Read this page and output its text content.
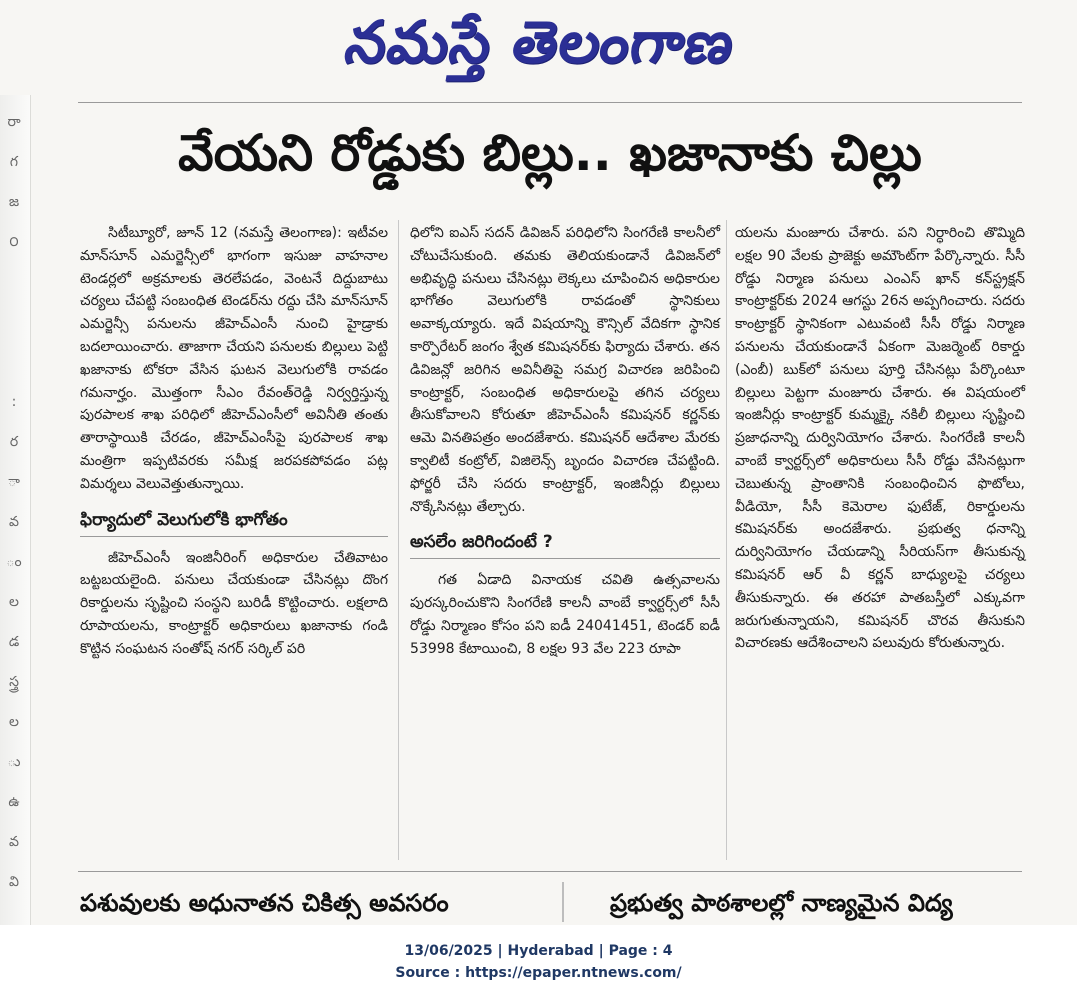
రా
గ
జ
౦
:
ర
ా
వ
ం
ల
డ
స్త్ర
ల
ు
ఉ
వ
వి
నమస్తే తెలంగాణ
వేయని రోడ్డుకు బిల్లు.. ఖజానాకు చిల్లు

సిటీబ్యూరో, జూన్ 12 (నమస్తే తెలంగాణ): ఇటీవల మాన్‌సూన్ ఎమర్జెన్సీలో భాగంగా ఇసుజు వాహనాల టెండర్లలో అక్రమాలకు తెరలేపడం, వెంటనే దిద్దుబాటు చర్యలు చేపట్టి సంబంధిత టెండర్‌ను రద్దు చేసి మాన్‌సూన్ ఎమర్జెన్సీ పనులను జీహెచ్ఎంసీ నుంచి హైడ్రాకు బదలాయించారు. తాజాగా చేయని పనులకు బిల్లులు పెట్టి ఖజానాకు టోకరా వేసిన ఘటన వెలుగులోకి రావడం గమనార్హం. మొత్తంగా సీఎం రేవంత్‌రెడ్డి నిర్వర్తిస్తున్న పురపాలక శాఖ పరిధిలో జీహెచ్ఎంసీలో అవినీతి తంతు తారాస్థాయికి చేరడం, జీహెచ్ఎంసీపై పురపాలక శాఖ మంత్రిగా ఇప్పటివరకు సమీక్ష జరపకపోవడం పట్ల విమర్శలు వెలువెత్తుతున్నాయి.

ఫిర్యాదులో వెలుగులోకి భాగోతం

జీహెచ్ఎంసీ ఇంజినీరింగ్ అధికారుల చేతివాటం బట్టబయలైంది. పనులు చేయకుండా చేసినట్లు దొంగ రికార్డులను సృష్టించి సంస్థని బురిడీ కొట్టించారు. లక్షలాది రూపాయలను, కాంట్రాక్టర్ అధికారులు ఖజానాకు గండి కొట్టిన సంఘటన సంతోష్ నగర్ సర్కిల్ పరి

ధిలోని ఐఎస్ సదన్ డివిజన్ పరిధిలోని సింగరేణి కాలనీలో చోటుచేసుకుంది. తమకు తెలియకుండానే డివిజన్‌లో అభివృద్ధి పనులు చేసినట్లు లెక్కలు చూపించిన అధికారుల భాగోతం వెలుగులోకి రావడంతో స్థానికులు అవాక్కయ్యారు. ఇదే విషయాన్ని కౌన్సిల్ వేదికగా స్థానిక కార్పొరేటర్ జంగం శ్వేత కమిషనర్‌కు ఫిర్యాదు చేశారు. తన డివిజన్లో జరిగిన అవినీతిపై సమగ్ర విచారణ జరిపించి కాంట్రాక్టర్, సంబంధిత అధికారులపై తగిన చర్యలు తీసుకోవాలని కోరుతూ జీహెచ్ఎంసీ కమిషనర్ కర్ణన్‌కు ఆమె వినతిపత్రం అందజేశారు. కమిషనర్ ఆదేశాల మేరకు క్వాలిటీ కంట్రోల్, విజిలెన్స్ బృందం విచారణ చేపట్టింది. ఫోర్జరీ చేసి సదరు కాంట్రాక్టర్, ఇంజినీర్లు బిల్లులు నొక్కేసినట్లు తేల్చారు.

అసలేం జరిగిందంటే ?

గత ఏడాది వినాయక చవితి ఉత్సవాలను పురస్కరించుకొని సింగరేణి కాలనీ వాంబే క్వార్టర్స్‌లో సీసీ రోడ్డు నిర్మాణం కోసం పని ఐడీ 24041451, టెండర్ ఐడీ 53998 కేటాయించి, 8 లక్షల 93 వేల 223 రూపా

యలను మంజూరు చేశారు. పని నిర్ధారించి తొమ్మిది లక్షల 90 వేలకు ప్రాజెక్టు అమౌంట్‌గా పేర్కొన్నారు. సీసీ రోడ్డు నిర్మాణ పనులు ఎంఎస్ ఖాన్ కన్‌స్ట్రక్షన్ కాంట్రాక్టర్‌కు 2024 ఆగస్టు 26న అప్పగించారు. సదరు కాంట్రాక్టర్ స్థానికంగా ఎటువంటి సీసీ రోడ్డు నిర్మాణ పనులను చేయకుండానే ఏకంగా మెజర్మెంట్ రికార్డు (ఎంబీ) బుక్‌లో పనులు పూర్తి చేసినట్లు పేర్కొంటూ బిల్లులు పెట్టగా మంజూరు చేశారు. ఈ విషయంలో ఇంజినీర్లు కాంట్రాక్టర్ కుమ్మక్కై నకిలీ బిల్లులు సృష్టించి ప్రజాధనాన్ని దుర్వినియోగం చేశారు. సింగరేణి కాలనీ వాంబే క్వార్టర్స్‌లో అధికారులు సీసీ రోడ్డు వేసినట్లుగా చెబుతున్న ప్రాంతానికి సంబంధించిన ఫొటోలు, వీడియో, సీసీ కెమెరాల ఫుటేజ్, రికార్డులను కమిషనర్‌కు అందజేశారు. ప్రభుత్వ ధనాన్ని దుర్వినియోగం చేయడాన్ని సీరియస్‌గా తీసుకున్న కమిషనర్ ఆర్ వీ కర్ణన్ బాధ్యులపై చర్యలు తీసుకున్నారు. ఈ తరహా పాతబస్తీలో ఎక్కువగా జరుగుతున్నాయని, కమిషనర్ చొరవ తీసుకుని విచారణకు ఆదేశించాలని పలువురు కోరుతున్నారు.

పశువులకు అధునాతన చికిత్స అవసరం	ప్రభుత్వ పాఠశాలల్లో నాణ్యమైన విద్య
13/06/2025 | Hyderabad | Page : 4
Source : https://epaper.ntnews.com/
